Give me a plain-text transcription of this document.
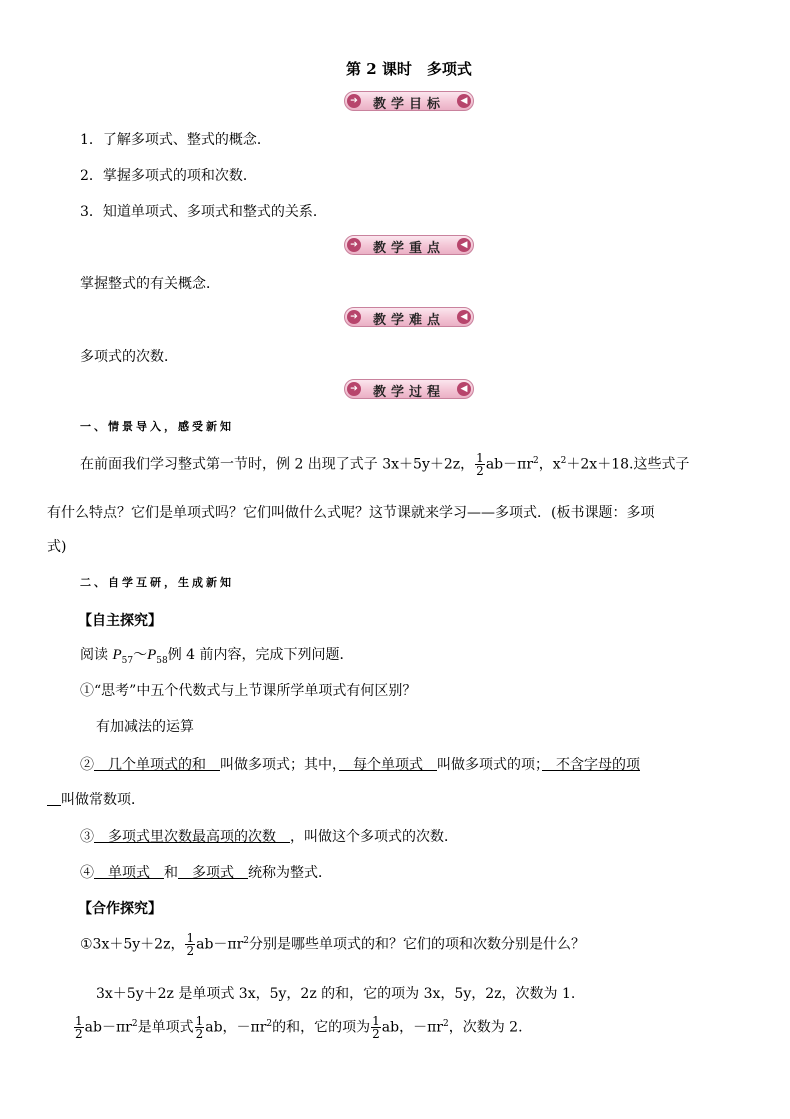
第 2 课时　多项式
➔	教学目标	◀
1．了解多项式、整式的概念．
2．掌握多项式的项和次数．
3．知道单项式、多项式和整式的关系．
➔	教学重点	◀
掌握整式的有关概念．
➔	教学难点	◀
多项式的次数．
➔	教学过程	◀
一、情景导入，感受新知
在前面我们学习整式第一节时，例 2 出现了式子 3x＋5y＋2z， $\frac{1}{2} ab-\pi r^2$，$x^2+2x+18$.这些式子
有什么特点？它们是单项式吗？它们叫做什么式呢？这节课就来学习——多项式．(板书课题：多项
式)
二、自学互研，生成新知
【自主探究】
阅读 $P_{57}\sim P_{58}$例 4 前内容，完成下列问题．
①“思考”中五个代数式与上节课所学单项式有何区别？
有加减法的运算
②　几个单项式的和　叫做多项式；其中，　每个单项式　叫做多项式的项；　不含字母的项
　叫做常数项．
③　多项式里次数最高项的次数　，叫做这个多项式的次数．
④　单项式　和　多项式　统称为整式．
【合作探究】
①3x＋5y＋2z， $\frac{1}{2} ab-\pi r^2$分别是哪些单项式的和？它们的项和次数分别是什么？
3x＋5y＋2z 是单项式 3x，5y，2z 的和，它的项为 3x，5y，2z，次数为 1.
$\frac{1}{2} ab-\pi r^2$是单项式 $\frac{1}{2}$ ab，$-\pi r^2$的和，它的项为 $\frac{1}{2}$ ab，$-\pi r^2$，次数为 2.
